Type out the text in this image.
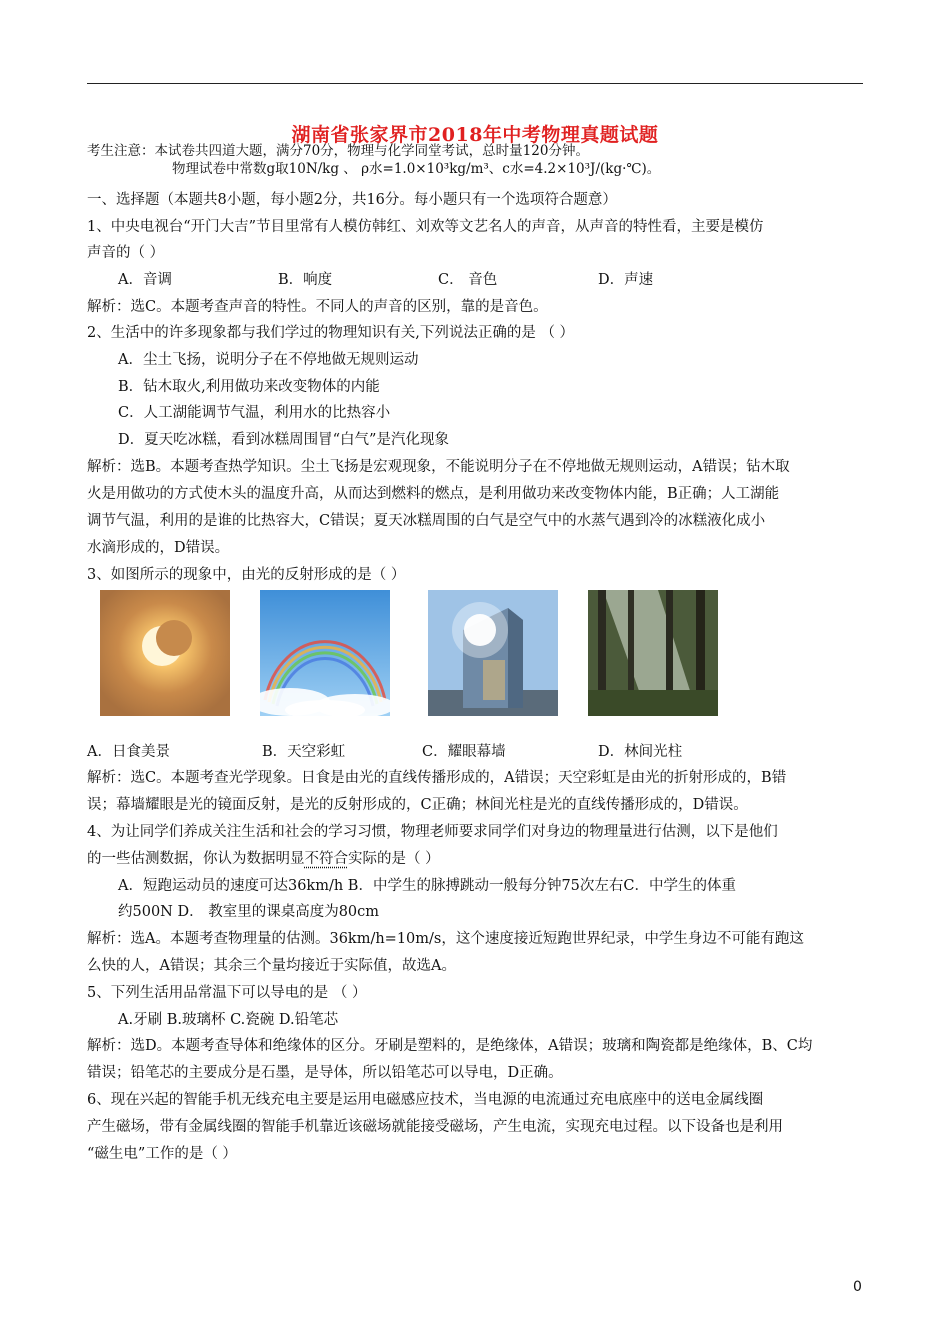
湖南省张家界市2018年中考物理真题试题
考生注意：本试卷共四道大题，满分70分，物理与化学同堂考试，总时量120分钟。
物理试卷中常数g取10N/kg 、 ρ水=1.0×10³kg/m³、c水=4.2×10³J/(kg·℃)。
一、选择题（本题共8小题，每小题2分，共16分。每小题只有一个选项符合题意）
1、中央电视台“开门大吉”节目里常有人模仿韩红、刘欢等文艺名人的声音，从声音的特性看，主要是模仿
声音的（ ）
A．音调	B．响度	C． 音色	D．声速
解析：选C。本题考查声音的特性。不同人的声音的区别，靠的是音色。
2、生活中的许多现象都与我们学过的物理知识有关,下列说法正确的是 （ ）
A．尘土飞扬，说明分子在不停地做无规则运动
B．钻木取火,利用做功来改变物体的内能
C．人工湖能调节气温，利用水的比热容小
D．夏天吃冰糕，看到冰糕周围冒“白气”是汽化现象
解析：选B。本题考查热学知识。尘土飞扬是宏观现象，不能说明分子在不停地做无规则运动，A错误；钻木取
火是用做功的方式使木头的温度升高，从而达到燃料的燃点，是利用做功来改变物体内能，B正确；人工湖能
调节气温，利用的是谁的比热容大，C错误；夏天冰糕周围的白气是空气中的水蒸气遇到冷的冰糕液化成小
水滴形成的，D错误。
3、如图所示的现象中，由光的反射形成的是（ ）
A．日食美景	B．天空彩虹	C．耀眼幕墙	D．林间光柱
解析：选C。本题考查光学现象。日食是由光的直线传播形成的，A错误；天空彩虹是由光的折射形成的，B错
误；幕墙耀眼是光的镜面反射，是光的反射形成的，C正确；林间光柱是光的直线传播形成的，D错误。
4、为让同学们养成关注生活和社会的学习习惯，物理老师要求同学们对身边的物理量进行估测，以下是他们
的一些估测数据，你认为数据明显不符合实际的是（ ）
A．短跑运动员的速度可达36km/h B．中学生的脉搏跳动一般每分钟75次左右C．中学生的体重
约500N D． 教室里的课桌高度为80cm
解析：选A。本题考查物理量的估测。36km/h=10m/s，这个速度接近短跑世界纪录，中学生身边不可能有跑这
么快的人，A错误；其余三个量均接近于实际值，故选A。
5、下列生活用品常温下可以导电的是 （ ）
A.牙刷 B.玻璃杯 C.瓷碗 D.铅笔芯
解析：选D。本题考查导体和绝缘体的区分。牙刷是塑料的，是绝缘体，A错误；玻璃和陶瓷都是绝缘体，B、C均
错误；铅笔芯的主要成分是石墨，是导体，所以铅笔芯可以导电，D正确。
6、现在兴起的智能手机无线充电主要是运用电磁感应技术，当电源的电流通过充电底座中的送电金属线圈
产生磁场，带有金属线圈的智能手机靠近该磁场就能接受磁场，产生电流，实现充电过程。以下设备也是利用
“磁生电”工作的是（ ）
0
